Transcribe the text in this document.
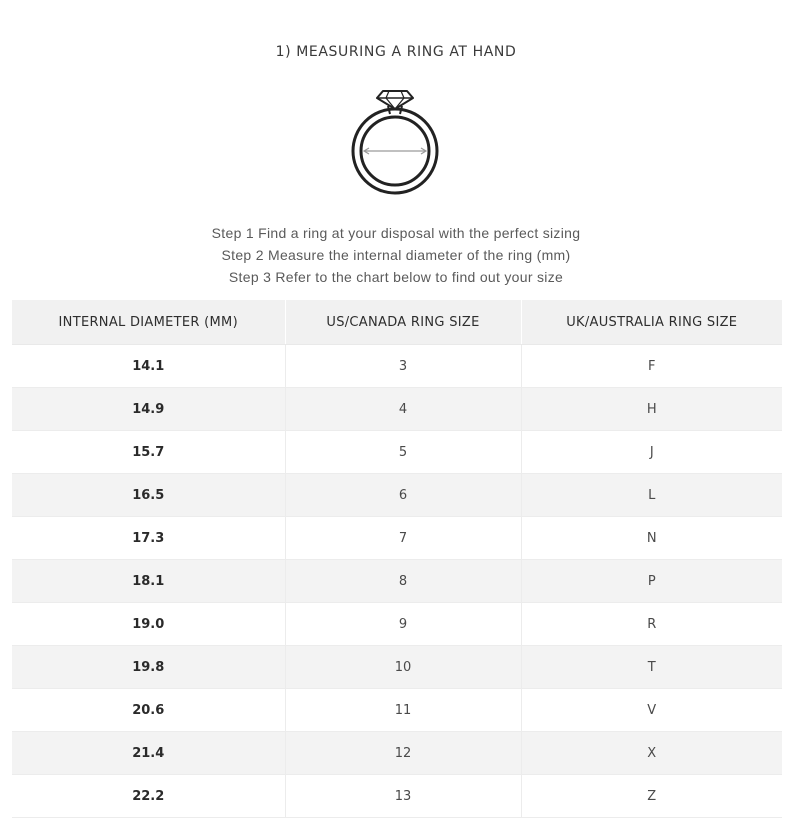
1) MEASURING A RING AT HAND
Step 1 Find a ring at your disposal with the perfect sizing
Step 2 Measure the internal diameter of the ring (mm)
Step 3 Refer to the chart below to find out your size
INTERNAL DIAMETER (MM)	US/CANADA RING SIZE	UK/AUSTRALIA RING SIZE
14.1	3	F
14.9	4	H
15.7	5	J
16.5	6	L
17.3	7	N
18.1	8	P
19.0	9	R
19.8	10	T
20.6	11	V
21.4	12	X
22.2	13	Z
